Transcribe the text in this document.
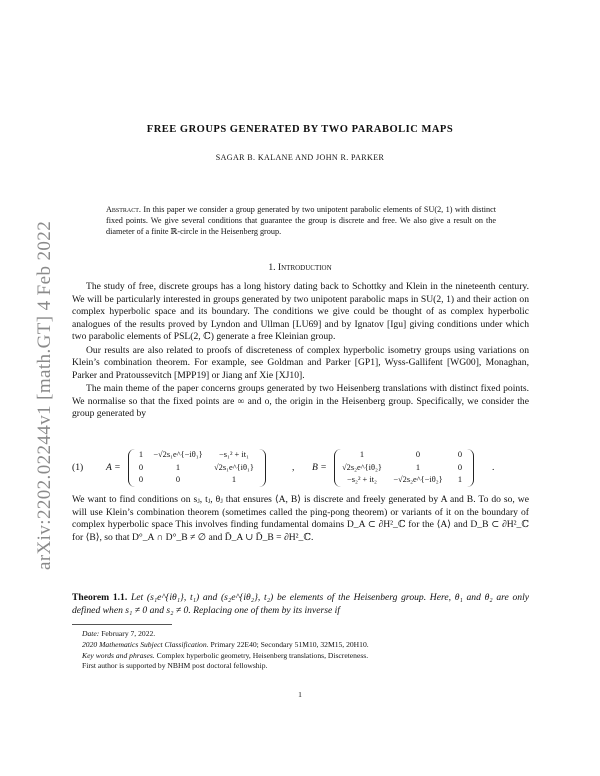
arXiv:2202.02244v1 [math.GT] 4 Feb 2022
FREE GROUPS GENERATED BY TWO PARABOLIC MAPS
SAGAR B. KALANE AND JOHN R. PARKER
Abstract. In this paper we consider a group generated by two unipotent parabolic elements of SU(2, 1) with distinct fixed points. We give several conditions that guarantee the group is discrete and free. We also give a result on the diameter of a finite ℝ-circle in the Heisenberg group.
1. Introduction

The study of free, discrete groups has a long history dating back to Schottky and Klein in the nineteenth century. We will be particularly interested in groups generated by two unipotent parabolic maps in SU(2, 1) and their action on complex hyperbolic space and its boundary. The conditions we give could be thought of as complex hyperbolic analogues of the results proved by Lyndon and Ullman [LU69] and by Ignatov [Igu] giving conditions under which two parabolic elements of PSL(2, ℂ) generate a free Kleinian group.

Our results are also related to proofs of discreteness of complex hyperbolic isometry groups using variations on Klein’s combination theorem. For example, see Goldman and Parker [GP1], Wyss-Gallifent [WG00], Monaghan, Parker and Pratoussevitch [MPP19] or Jiang anf Xie [XJ10].

The main theme of the paper concerns groups generated by two Heisenberg translations with distinct fixed points. We normalise so that the fixed points are ∞ and o, the origin in the Heisenberg group. Specifically, we consider the group generated by

(1) A =
1	−√2s₁e^{−iθ₁}	−s₁² + it₁
0	1	√2s₁e^{iθ₁}
0	0	1
, B =
1	0	0
√2s₂e^{iθ₂}	1	0
−s₂² + it₂	−√2s₂e^{−iθ₂}	1
.

We want to find conditions on sⱼ, tⱼ, θⱼ that ensures ⟨A, B⟩ is discrete and freely generated by A and B. To do so, we will use Klein’s combination theorem (sometimes called the ping-pong theorem) or variants of it on the boundary of complex hyperbolic space This involves finding fundamental domains D_A ⊂ ∂H²_ℂ for the ⟨A⟩ and D_B ⊂ ∂H²_ℂ for ⟨B⟩, so that D°_A ∩ D°_B ≠ ∅ and D̄_A ∪ D̄_B = ∂H²_ℂ.

Theorem 1.1. Let (s₁e^{iθ₁}, t₁) and (s₂e^{iθ₂}, t₂) be elements of the Heisenberg group. Here, θ₁ and θ₂ are only defined when s₁ ≠ 0 and s₂ ≠ 0. Replacing one of them by its inverse if
Date: February 7, 2022.
2020 Mathematics Subject Classification. Primary 22E40; Secondary 51M10, 32M15, 20H10.
Key words and phrases. Complex hyperbolic geometry, Heisenberg translations, Discreteness.
First author is supported by NBHM post doctoral fellowship.
1
